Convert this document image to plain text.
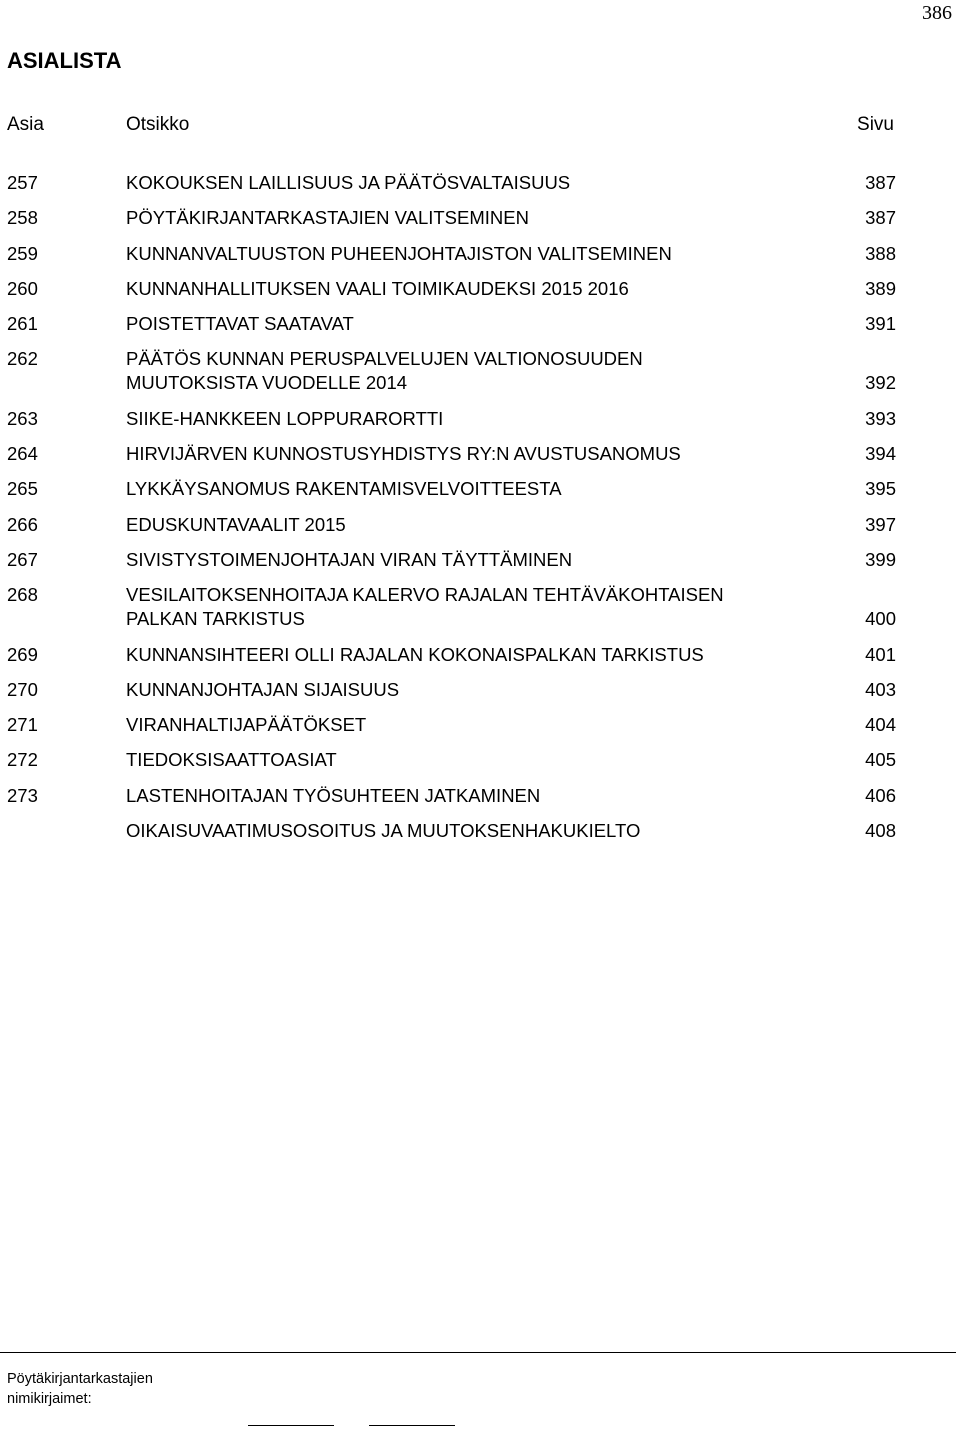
386
ASIALISTA
Asia	Otsikko	Sivu
257	KOKOUKSEN LAILLISUUS JA PÄÄTÖSVALTAISUUS	387
258	PÖYTÄKIRJANTARKASTAJIEN VALITSEMINEN	387
259	KUNNANVALTUUSTON PUHEENJOHTAJISTON VALITSEMINEN	388
260	KUNNANHALLITUKSEN VAALI TOIMIKAUDEKSI 2015 2016	389
261	POISTETTAVAT SAATAVAT	391
262	PÄÄTÖS KUNNAN PERUSPALVELUJEN VALTIONOSUUDEN
MUUTOKSISTA VUODELLE 2014	392
263	SIIKE-HANKKEEN LOPPURARORTTI	393
264	HIRVIJÄRVEN KUNNOSTUSYHDISTYS RY:N AVUSTUSANOMUS	394
265	LYKKÄYSANOMUS RAKENTAMISVELVOITTEESTA	395
266	EDUSKUNTAVAALIT 2015	397
267	SIVISTYSTOIMENJOHTAJAN VIRAN TÄYTTÄMINEN	399
268	VESILAITOKSENHOITAJA KALERVO RAJALAN TEHTÄVÄKOHTAISEN
PALKAN TARKISTUS	400
269	KUNNANSIHTEERI OLLI RAJALAN KOKONAISPALKAN TARKISTUS	401
270	KUNNANJOHTAJAN SIJAISUUS	403
271	VIRANHALTIJAPÄÄTÖKSET	404
272	TIEDOKSISAATTOASIAT	405
273	LASTENHOITAJAN TYÖSUHTEEN JATKAMINEN	406
OIKAISUVAATIMUSOSOITUS JA MUUTOKSENHAKUKIELTO	408
Pöytäkirjantarkastajien
nimikirjaimet:
